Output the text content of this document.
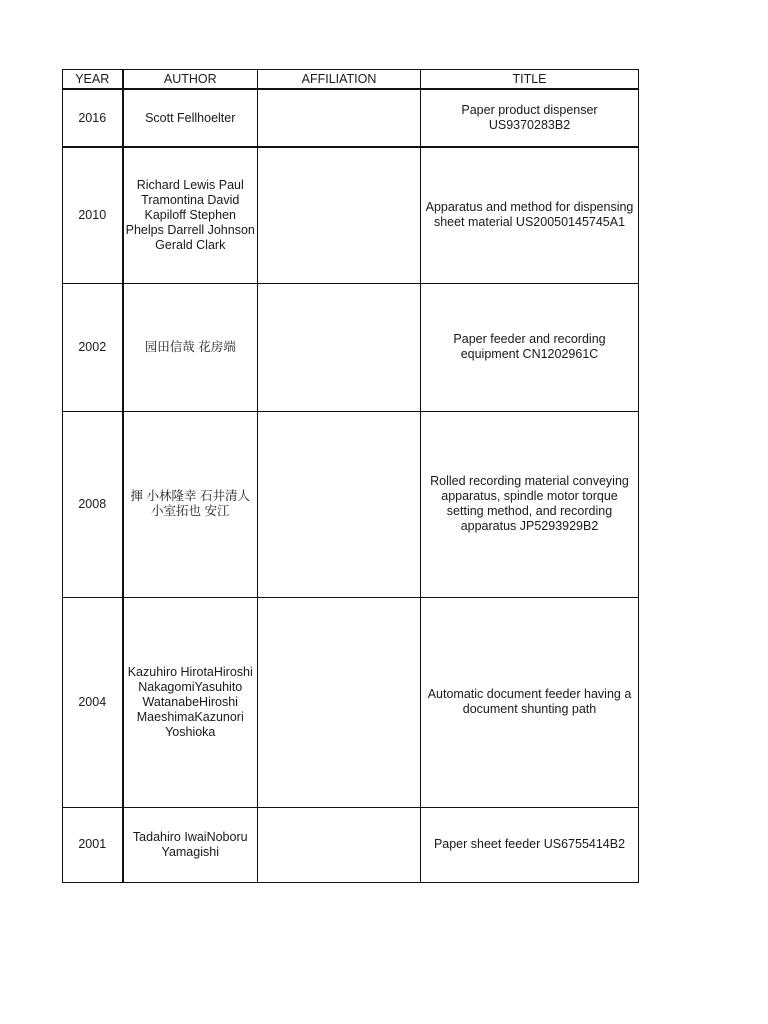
YEAR	AUTHOR	AFFILIATION	TITLE
2016	Scott Fellhoelter		Paper product dispenser US9370283B2
2010	Richard Lewis Paul Tramontina David Kapiloff Stephen Phelps Darrell Johnson Gerald Clark		Apparatus and method for dispensing sheet material US20050145745A1
2002	园田信哉 花房端		Paper feeder and recording equipment CN1202961C
2008	揮 小林隆幸 石井清人 小室拓也 安江		Rolled recording material conveying apparatus, spindle motor torque setting method, and recording apparatus JP5293929B2
2004	Kazuhiro HirotaHiroshi NakagomiYasuhito WatanabeHiroshi MaeshimaKazunori Yoshioka		Automatic document feeder having a document shunting path
2001	Tadahiro IwaiNoboru Yamagishi		Paper sheet feeder US6755414B2
